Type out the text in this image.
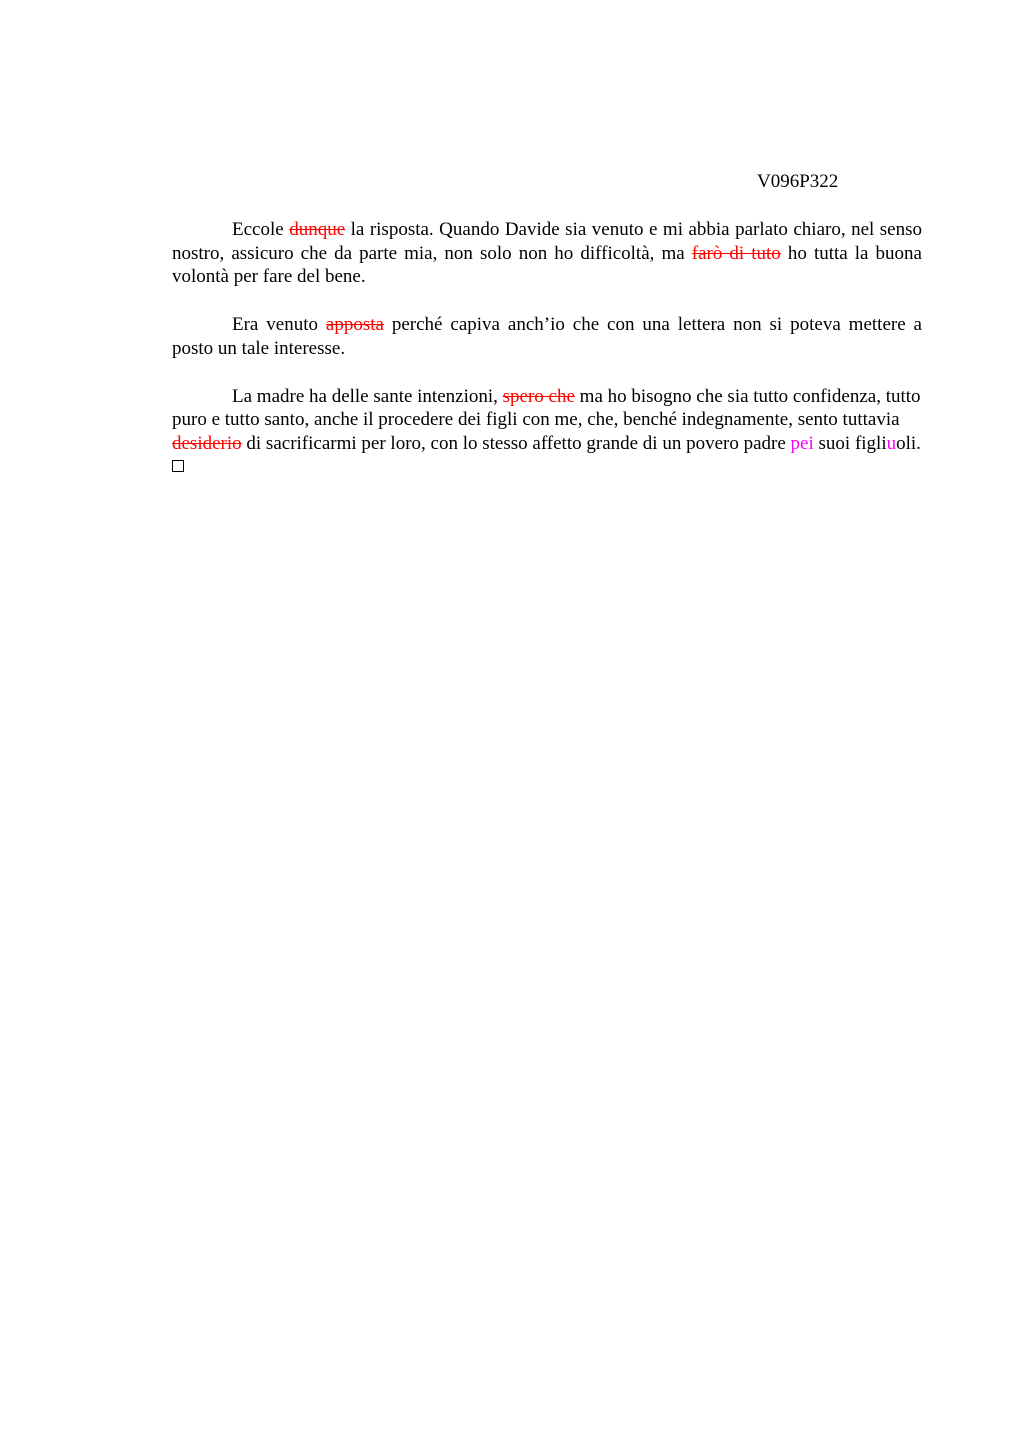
V096P322

Eccole dunque la risposta. Quando Davide sia venuto e mi abbia parlato chiaro, nel senso nostro, assicuro che da parte mia, non solo non ho difficoltà, ma farò di tuto ho tutta la buona volontà per fare del bene.

Era venuto apposta perché capiva anch’io che con una lettera non si poteva mettere a posto un tale interesse.

La madre ha delle sante intenzioni, spero che ma ho bisogno che sia tutto confidenza, tutto puro e tutto santo, anche il procedere dei figli con me, che, benché indegnamente, sento tuttavia desiderio di sacrificarmi per loro, con lo stesso affetto grande di un povero padre pei suoi figliuoli.
